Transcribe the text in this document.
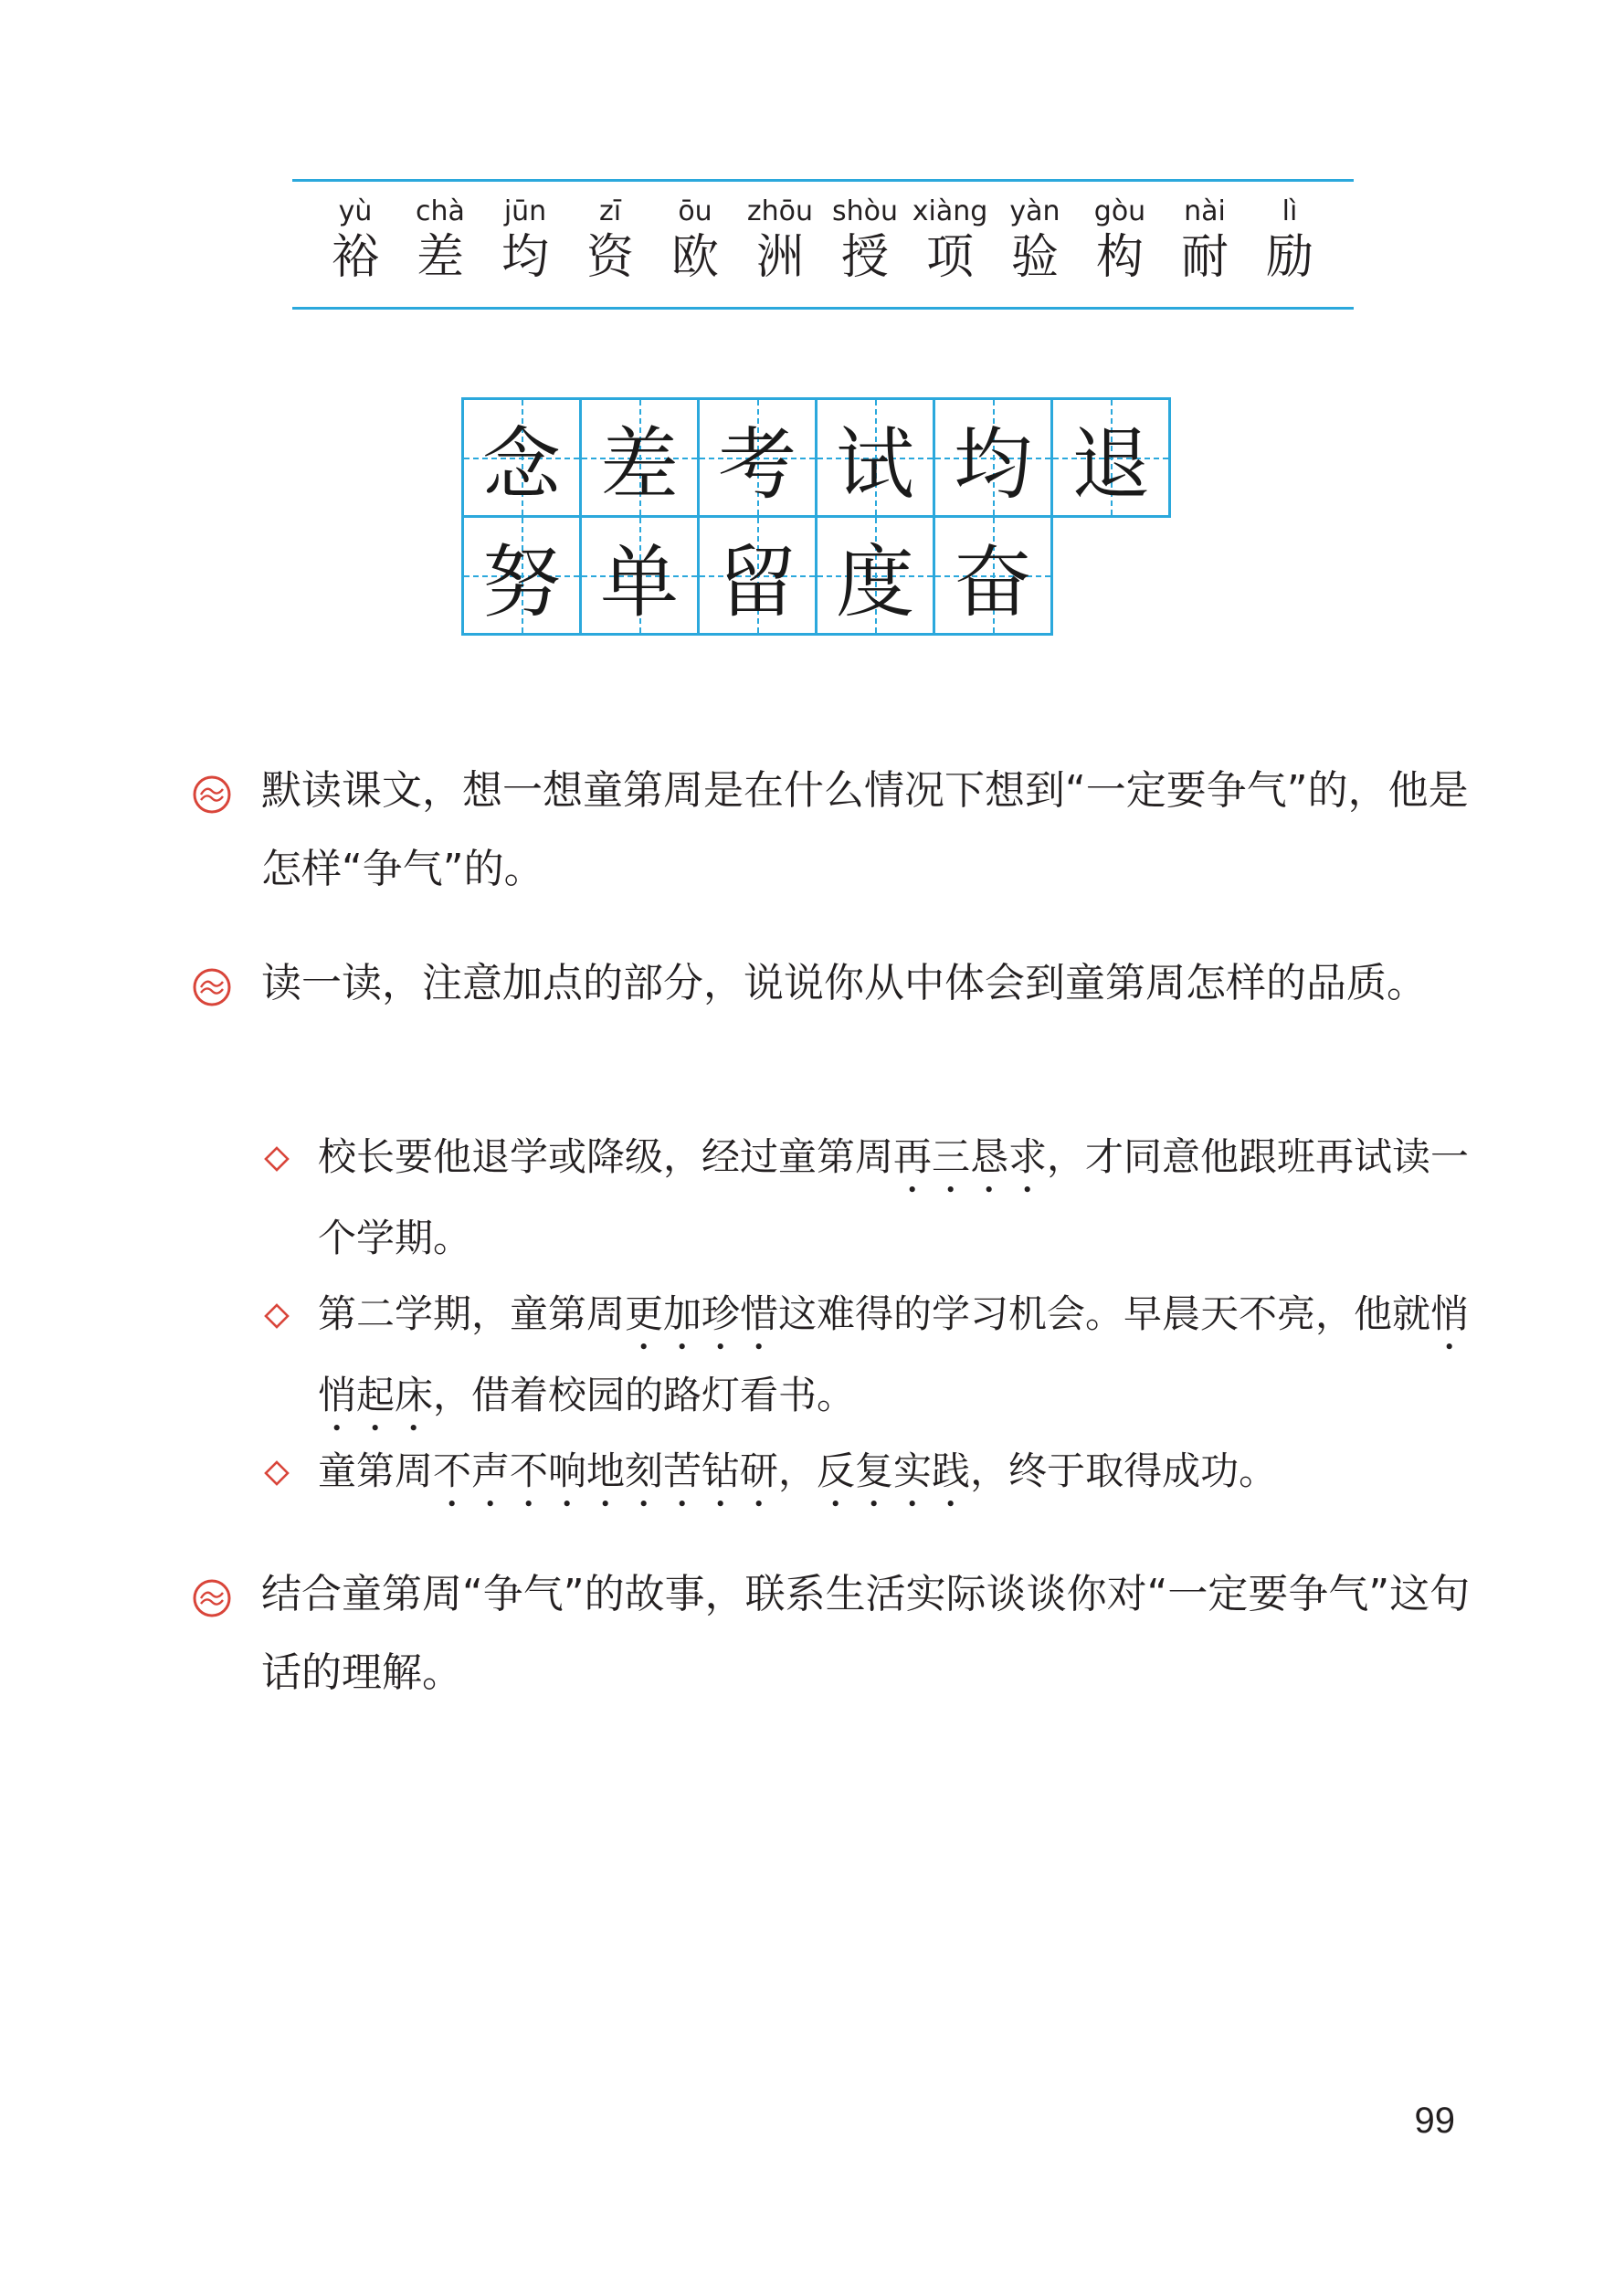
yù
裕
chà
差
jūn
均
zī
资
ōu
欧
zhōu
洲
shòu
授
xiàng
项
yàn
验
gòu
构
nài
耐
lì
励
念 差 考 试 均 退
努 单 留 度 奋
默读课文，想一想童第周是在什么情况下想到“一定要争气”的，他是怎样“争气”的。
读一读，注意加点的部分，说说你从中体会到童第周怎样的品质。
校长要他退学或降级，经过童第周再三恳求，才同意他跟班再试读一个学期。
第二学期，童第周更加珍惜这难得的学习机会。早晨天不亮，他就悄悄起床，借着校园的路灯看书。
童第周不声不响地刻苦钻研，反复实践，终于取得成功。
结合童第周“争气”的故事，联系生活实际谈谈你对“一定要争气”这句话的理解。
99
